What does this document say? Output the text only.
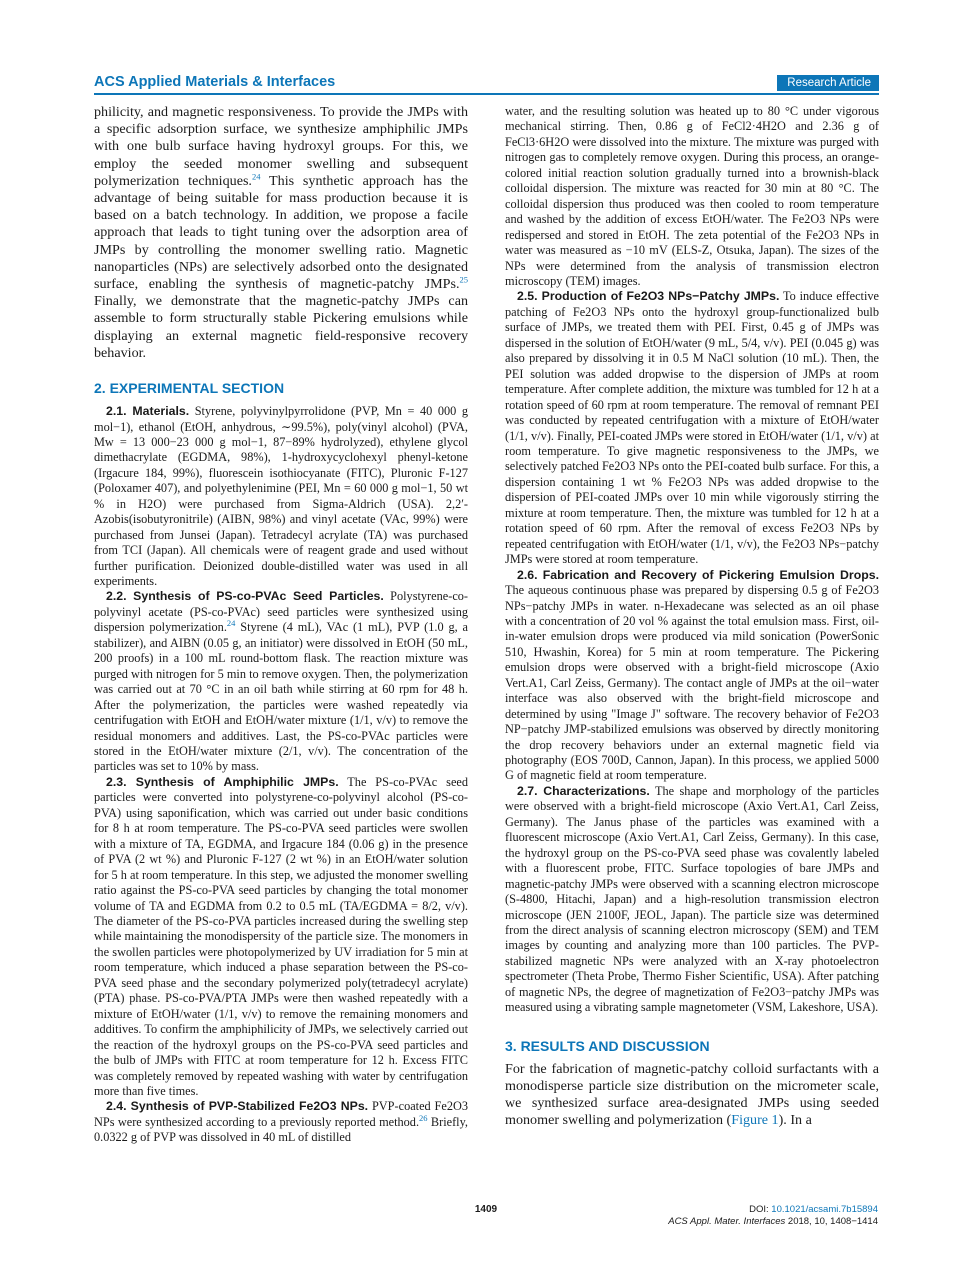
ACS Applied Materials & Interfaces	Research Article

philicity, and magnetic responsiveness. To provide the JMPs with a specific adsorption surface, we synthesize amphiphilic JMPs with one bulb surface having hydroxyl groups. For this, we employ the seeded monomer swelling and subsequent polymerization techniques.$^{24}$ This synthetic approach has the advantage of being suitable for mass production because it is based on a batch technology. In addition, we propose a facile approach that leads to tight tuning over the adsorption area of JMPs by controlling the monomer swelling ratio. Magnetic nanoparticles (NPs) are selectively adsorbed onto the designated surface, enabling the synthesis of magnetic-patchy JMPs.$^{25}$ Finally, we demonstrate that the magnetic-patchy JMPs can assemble to form structurally stable Pickering emulsions while displaying an external magnetic field-responsive recovery behavior.

2. EXPERIMENTAL SECTION

2.1. Materials. Styrene, polyvinylpyrrolidone (PVP, Mn = 40 000 g mol−1), ethanol (EtOH, anhydrous, ∼99.5%), poly(vinyl alcohol) (PVA, Mw = 13 000−23 000 g mol−1, 87−89% hydrolyzed), ethylene glycol dimethacrylate (EGDMA, 98%), 1-hydroxycyclohexyl phenyl-ketone (Irgacure 184, 99%), fluorescein isothiocyanate (FITC), Pluronic F-127 (Poloxamer 407), and polyethylenimine (PEI, Mn = 60 000 g mol−1, 50 wt % in H2O) were purchased from Sigma-Aldrich (USA). 2,2′-Azobis(isobutyronitrile) (AIBN, 98%) and vinyl acetate (VAc, 99%) were purchased from Junsei (Japan). Tetradecyl acrylate (TA) was purchased from TCI (Japan). All chemicals were of reagent grade and used without further purification. Deionized double-distilled water was used in all experiments.

2.2. Synthesis of PS-co-PVAc Seed Particles. Polystyrene-co-polyvinyl acetate (PS-co-PVAc) seed particles were synthesized using dispersion polymerization.$^{24}$ Styrene (4 mL), VAc (1 mL), PVP (1.0 g, a stabilizer), and AIBN (0.05 g, an initiator) were dissolved in EtOH (50 mL, 200 proofs) in a 100 mL round-bottom flask. The reaction mixture was purged with nitrogen for 5 min to remove oxygen. Then, the polymerization was carried out at 70 °C in an oil bath while stirring at 60 rpm for 48 h. After the polymerization, the particles were washed repeatedly via centrifugation with EtOH and EtOH/water mixture (1/1, v/v) to remove the residual monomers and additives. Last, the PS-co-PVAc particles were stored in the EtOH/water mixture (2/1, v/v). The concentration of the particles was set to 10% by mass.

2.3. Synthesis of Amphiphilic JMPs. The PS-co-PVAc seed particles were converted into polystyrene-co-polyvinyl alcohol (PS-co-PVA) using saponification, which was carried out under basic conditions for 8 h at room temperature. The PS-co-PVA seed particles were swollen with a mixture of TA, EGDMA, and Irgacure 184 (0.06 g) in the presence of PVA (2 wt %) and Pluronic F-127 (2 wt %) in an EtOH/water solution for 5 h at room temperature. In this step, we adjusted the monomer swelling ratio against the PS-co-PVA seed particles by changing the total monomer volume of TA and EGDMA from 0.2 to 0.5 mL (TA/EGDMA = 8/2, v/v). The diameter of the PS-co-PVA particles increased during the swelling step while maintaining the monodispersity of the particle size. The monomers in the swollen particles were photopolymerized by UV irradiation for 5 min at room temperature, which induced a phase separation between the PS-co-PVA seed phase and the secondary polymerized poly(tetradecyl acrylate) (PTA) phase. PS-co-PVA/PTA JMPs were then washed repeatedly with a mixture of EtOH/water (1/1, v/v) to remove the remaining monomers and additives. To confirm the amphiphilicity of JMPs, we selectively carried out the reaction of the hydroxyl groups on the PS-co-PVA seed particles and the bulb of JMPs with FITC at room temperature for 12 h. Excess FITC was completely removed by repeated washing with water by centrifugation more than five times.

2.4. Synthesis of PVP-Stabilized Fe2O3 NPs. PVP-coated Fe2O3 NPs were synthesized according to a previously reported method.$^{26}$ Briefly, 0.0322 g of PVP was dissolved in 40 mL of distilled

water, and the resulting solution was heated up to 80 °C under vigorous mechanical stirring. Then, 0.86 g of FeCl2·4H2O and 2.36 g of FeCl3·6H2O were dissolved into the mixture. The mixture was purged with nitrogen gas to completely remove oxygen. During this process, an orange-colored initial reaction solution gradually turned into a brownish-black colloidal dispersion. The mixture was reacted for 30 min at 80 °C. The colloidal dispersion thus produced was then cooled to room temperature and washed by the addition of excess EtOH/water. The Fe2O3 NPs were redispersed and stored in EtOH. The zeta potential of the Fe2O3 NPs in water was measured as −10 mV (ELS-Z, Otsuka, Japan). The sizes of the NPs were determined from the analysis of transmission electron microscopy (TEM) images.

2.5. Production of Fe2O3 NPs−Patchy JMPs. To induce effective patching of Fe2O3 NPs onto the hydroxyl group-functionalized bulb surface of JMPs, we treated them with PEI. First, 0.45 g of JMPs was dispersed in the solution of EtOH/water (9 mL, 5/4, v/v). PEI (0.045 g) was also prepared by dissolving it in 0.5 M NaCl solution (10 mL). Then, the PEI solution was added dropwise to the dispersion of JMPs at room temperature. After complete addition, the mixture was tumbled for 12 h at a rotation speed of 60 rpm at room temperature. The removal of remnant PEI was conducted by repeated centrifugation with a mixture of EtOH/water (1/1, v/v). Finally, PEI-coated JMPs were stored in EtOH/water (1/1, v/v) at room temperature. To give magnetic responsiveness to the JMPs, we selectively patched Fe2O3 NPs onto the PEI-coated bulb surface. For this, a dispersion containing 1 wt % Fe2O3 NPs was added dropwise to the dispersion of PEI-coated JMPs over 10 min while vigorously stirring the mixture at room temperature. Then, the mixture was tumbled for 12 h at a rotation speed of 60 rpm. After the removal of excess Fe2O3 NPs by repeated centrifugation with EtOH/water (1/1, v/v), the Fe2O3 NPs−patchy JMPs were stored at room temperature.

2.6. Fabrication and Recovery of Pickering Emulsion Drops. The aqueous continuous phase was prepared by dispersing 0.5 g of Fe2O3 NPs−patchy JMPs in water. n-Hexadecane was selected as an oil phase with a concentration of 20 vol % against the total emulsion mass. First, oil-in-water emulsion drops were produced via mild sonication (PowerSonic 510, Hwashin, Korea) for 5 min at room temperature. The Pickering emulsion drops were observed with a bright-field microscope (Axio Vert.A1, Carl Zeiss, Germany). The contact angle of JMPs at the oil−water interface was also observed with the bright-field microscope and determined by using "Image J" software. The recovery behavior of Fe2O3 NP−patchy JMP-stabilized emulsions was observed by directly monitoring the drop recovery behaviors under an external magnetic field via photography (EOS 700D, Cannon, Japan). In this process, we applied 5000 G of magnetic field at room temperature.

2.7. Characterizations. The shape and morphology of the particles were observed with a bright-field microscope (Axio Vert.A1, Carl Zeiss, Germany). The Janus phase of the particles was examined with a fluorescent microscope (Axio Vert.A1, Carl Zeiss, Germany). In this case, the hydroxyl group on the PS-co-PVA seed phase was covalently labeled with a fluorescent probe, FITC. Surface topologies of bare JMPs and magnetic-patchy JMPs were observed with a scanning electron microscope (S-4800, Hitachi, Japan) and a high-resolution transmission electron microscope (JEN 2100F, JEOL, Japan). The particle size was determined from the direct analysis of scanning electron microscopy (SEM) and TEM images by counting and analyzing more than 100 particles. The PVP-stabilized magnetic NPs were analyzed with an X-ray photoelectron spectrometer (Theta Probe, Thermo Fisher Scientific, USA). After patching of magnetic NPs, the degree of magnetization of Fe2O3−patchy JMPs was measured using a vibrating sample magnetometer (VSM, Lakeshore, USA).

3. RESULTS AND DISCUSSION

For the fabrication of magnetic-patchy colloid surfactants with a monodisperse particle size distribution on the micrometer scale, we synthesized surface area-designated JMPs using seeded monomer swelling and polymerization (Figure 1). In a

1409	DOI: 10.1021/acsami.7b15894
ACS Appl. Mater. Interfaces 2018, 10, 1408−1414
